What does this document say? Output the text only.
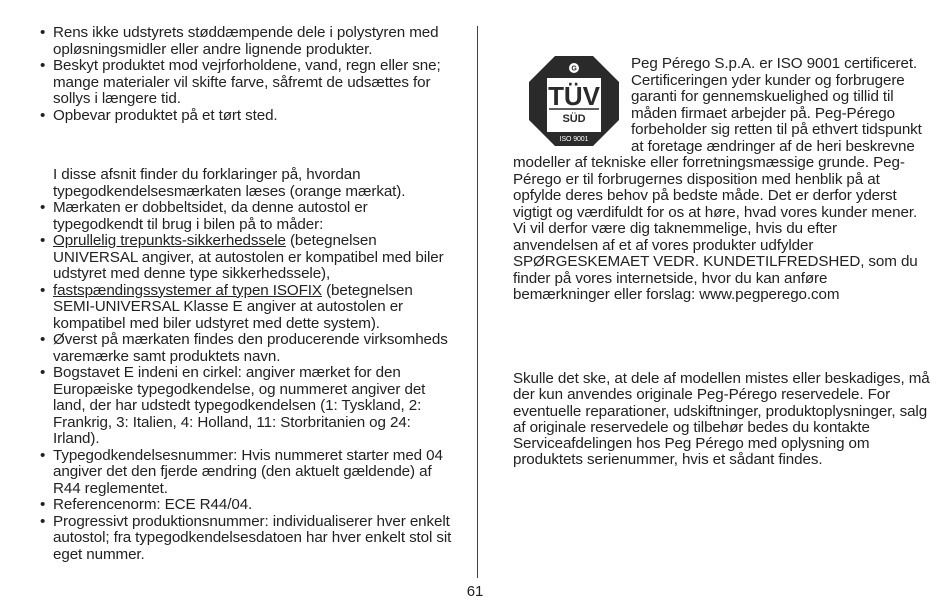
• Rens ikke udstyrets støddæmpende dele i polystyren med opløsningsmidler eller andre lignende produkter.
• Beskyt produktet mod vejrforholdene, vand, regn eller sne; mange materialer vil skifte farve, såfremt de udsættes for sollys i længere tid.
• Opbevar produktet på et tørt sted.
I disse afsnit finder du forklaringer på, hvordan typegodkendelsesmærkaten læses (orange mærkat).
• Mærkaten er dobbeltsidet, da denne autostol er typegodkendt til brug i bilen på to måder:
• Oprullelig trepunkts-sikkerhedssele (betegnelsen UNIVERSAL angiver, at autostolen er kompatibel med biler udstyret med denne type sikkerhedssele),
• fastspændingssystemer af typen ISOFIX (betegnelsen SEMI-UNIVERSAL Klasse E angiver at autostolen er kompatibel med biler udstyret med dette system).
• Øverst på mærkaten findes den producerende virksomheds varemærke samt produktets navn.
• Bogstavet E indeni en cirkel: angiver mærket for den Europæiske typegodkendelse, og nummeret angiver det land, der har udstedt typegodkendelsen (1: Tyskland, 2: Frankrig, 3: Italien, 4: Holland, 11: Storbritanien og 24: Irland).
• Typegodkendelsesnummer: Hvis nummeret starter med 04 angiver det den fjerde ændring (den aktuelt gældende) af R44 reglementet.
• Referencenorm: ECE R44/04.
• Progressivt produktionsnummer: individualiserer hver enkelt autostol; fra typegodkendelsesdatoen har hver enkelt stol sit eget nummer.
G
TÜV
SÜD
ISO 9001

Peg Pérego S.p.A. er ISO 9001 certificeret. Certificeringen yder kunder og forbrugere garanti for gennemskuelighed og tillid til måden firmaet arbejder på. Peg-Pérego forbeholder sig retten til på ethvert tidspunkt at foretage ændringer af de heri beskrevne modeller af tekniske eller forretningsmæssige grunde. Peg-Pérego er til forbrugernes disposition med henblik på at opfylde deres behov på bedste måde. Det er derfor yderst vigtigt og værdifuldt for os at høre, hvad vores kunder mener. Vi vil derfor være dig taknemmelige, hvis du efter anvendelsen af et af vores produkter udfylder SPØRGESKEMAET VEDR. KUNDETILFREDSHED, som du finder på vores internetside, hvor du kan anføre bemærkninger eller forslag: www.pegperego.com

Skulle det ske, at dele af modellen mistes eller beskadiges, må der kun anvendes originale Peg-Pérego reservedele. For eventuelle reparationer, udskiftninger, produktoplysninger, salg af originale reservedele og tilbehør bedes du kontakte Serviceafdelingen hos Peg Pérego med oplysning om produktets serienummer, hvis et sådant findes.
61
